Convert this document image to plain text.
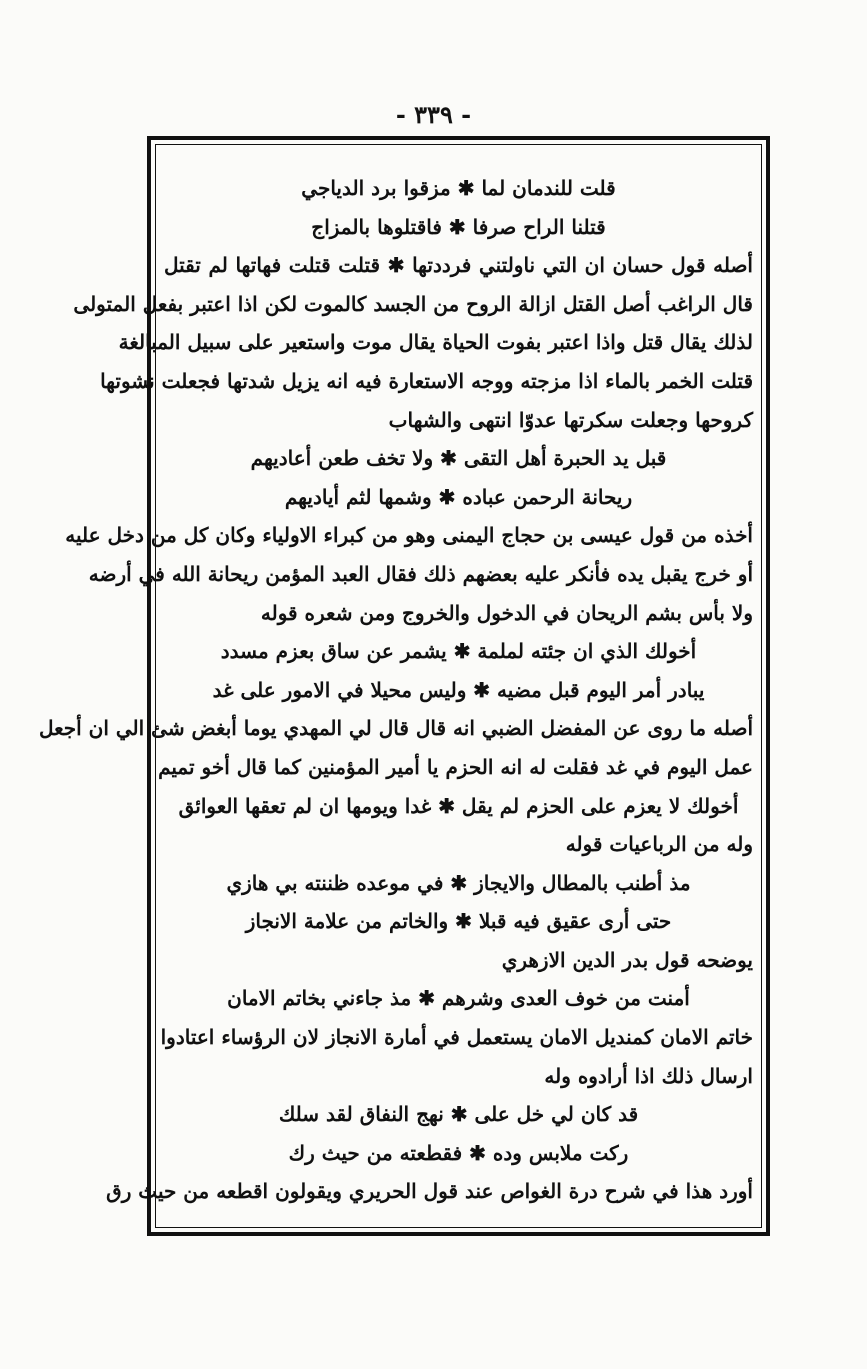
- ٣٣٩ -
قلت للندمان لما ✱ مزقوا برد الدياجي
قتلنا الراح صرفا ✱ فاقتلوها بالمزاج
أصله قول حسان ان التي ناولتني فرددتها ✱ قتلت قتلت فهاتها لم تقتل
قال الراغب أصل القتل ازالة الروح من الجسد كالموت لكن اذا اعتبر بفعل المتولى
لذلك يقال قتل واذا اعتبر بفوت الحياة يقال موت واستعير على سبيل المبالغة
قتلت الخمر بالماء اذا مزجته ووجه الاستعارة فيه انه يزيل شدتها فجعلت نشوتها
كروحها وجعلت سكرتها عدوّا انتهى والشهاب
قبل يد الحبرة أهل التقى ✱ ولا تخف طعن أعاديهم
ريحانة الرحمن عباده ✱ وشمها لثم أياديهم
أخذه من قول عيسى بن حجاج اليمنى وهو من كبراء الاولياء وكان كل من دخل عليه
أو خرج يقبل يده فأنكر عليه بعضهم ذلك فقال العبد المؤمن ريحانة الله في أرضه
ولا بأس بشم الريحان في الدخول والخروج ومن شعره قوله
أخولك الذي ان جئته لملمة ✱ يشمر عن ساق بعزم مسدد
يبادر أمر اليوم قبل مضيه ✱ وليس محيلا في الامور على غد
أصله ما روى عن المفضل الضبي انه قال قال لي المهدي يوما أبغض شئ الي ان أجعل
عمل اليوم في غد فقلت له انه الحزم يا أمير المؤمنين كما قال أخو تميم
أخولك لا يعزم على الحزم لم يقل ✱ غدا ويومها ان لم تعقها العوائق
وله من الرباعيات قوله
مذ أطنب بالمطال والايجاز ✱ في موعده ظننته بي هازي
حتى أرى عقيق فيه قبلا ✱ والخاتم من علامة الانجاز
يوضحه قول بدر الدين الازهري
أمنت من خوف العدى وشرهم ✱ مذ جاءني بخاتم الامان
خاتم الامان كمنديل الامان يستعمل في أمارة الانجاز لان الرؤساء اعتادوا
ارسال ذلك اذا أرادوه وله
قد كان لي خل على ✱ نهج النفاق لقد سلك
ركت ملابس وده ✱ فقطعته من حيث رك
أورد هذا في شرح درة الغواص عند قول الحريري ويقولون اقطعه من حيث رق
